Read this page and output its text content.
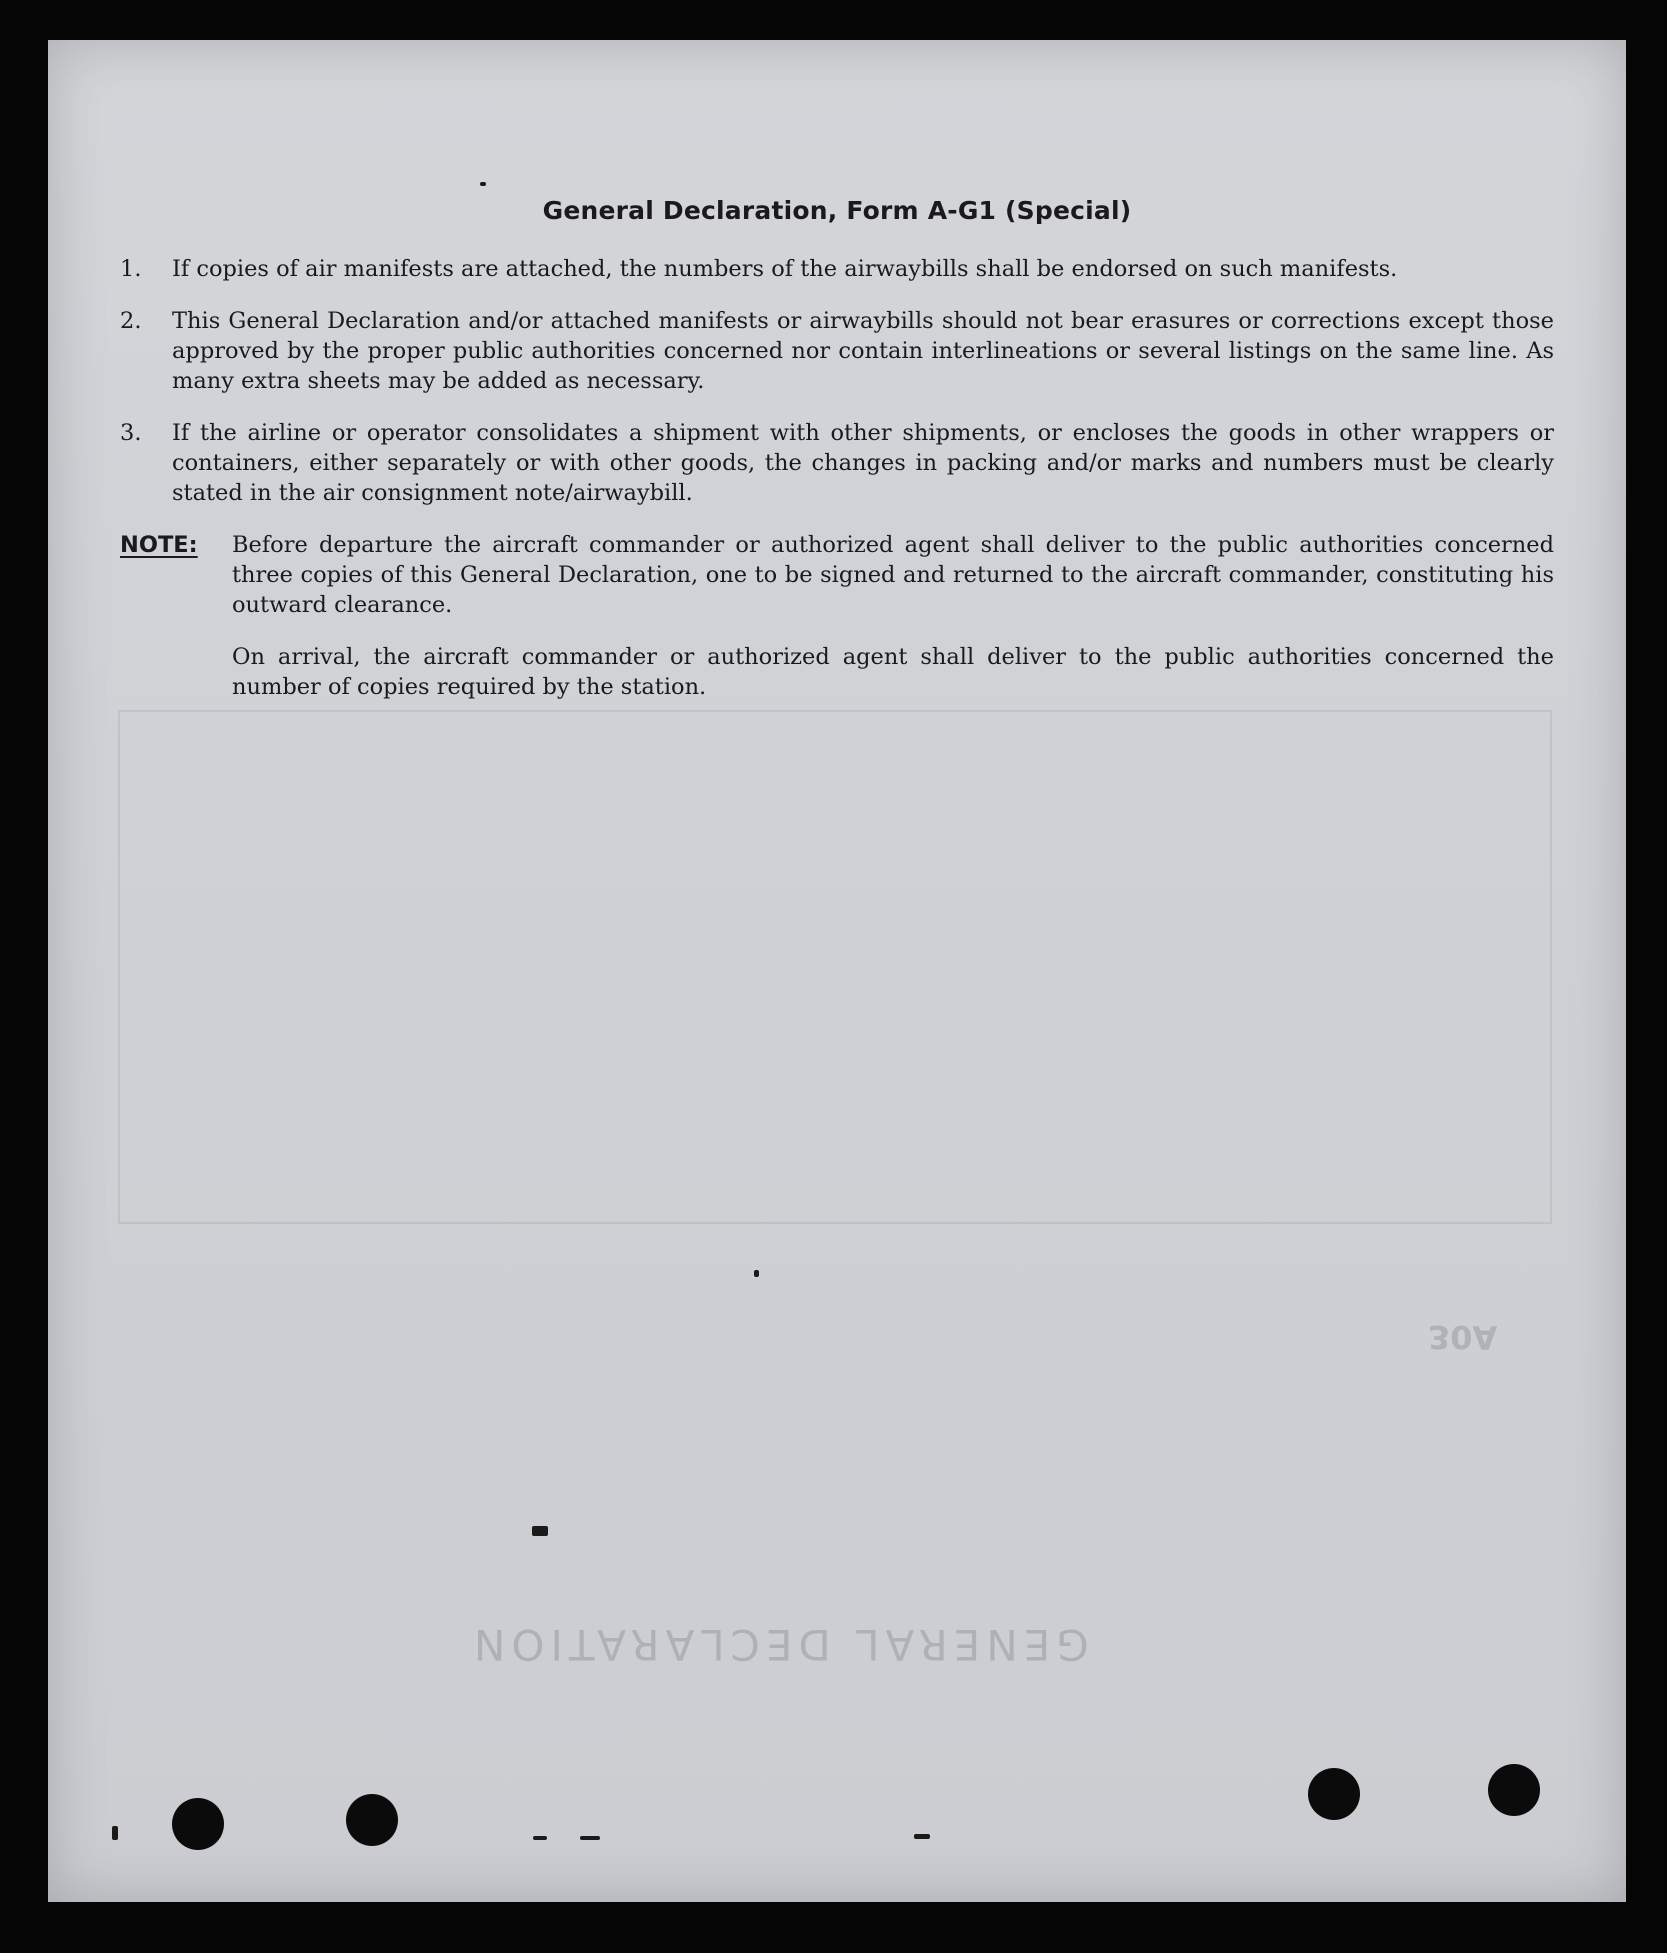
GENERAL DECLARATION
30A
General Declaration, Form A-G1 (Special)
1.	If copies of air manifests are attached, the numbers of the airwaybills shall be endorsed on such manifests.
2.	This General Declaration and/or attached manifests or airwaybills should not bear erasures or corrections except those approved by the proper public authorities concerned nor contain interlineations or several listings on the same line. As many extra sheets may be added as necessary.
3.	If the airline or operator consolidates a shipment with other shipments, or encloses the goods in other wrappers or containers, either separately or with other goods, the changes in packing and/or marks and numbers must be clearly stated in the air consignment note/airwaybill.
NOTE:	Before departure the aircraft commander or authorized agent shall deliver to the public authorities concerned three copies of this General Declaration, one to be signed and returned to the aircraft commander, constituting his outward clearance.
On arrival, the aircraft commander or authorized agent shall deliver to the public authorities concerned the number of copies required by the station.
